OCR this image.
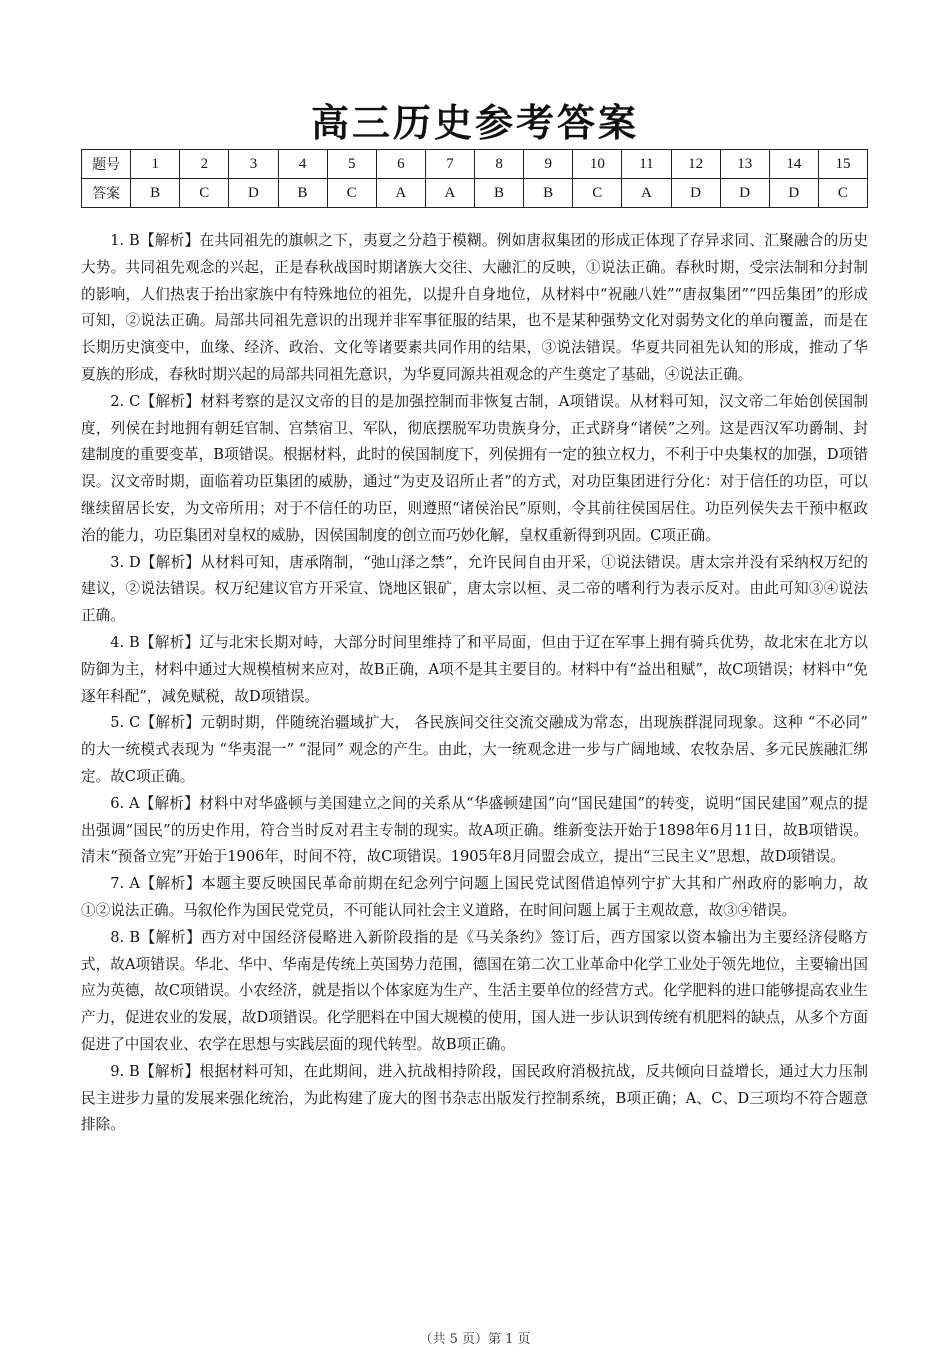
高三历史参考答案
题号	1	2	3	4	5	6	7	8	9	10	11	12	13	14	15
答案	B	C	D	B	C	A	A	B	B	C	A	D	D	D	C

1. B【解析】在共同祖先的旗帜之下，夷夏之分趋于模糊。例如唐叔集团的形成正体现了存异求同、汇聚融合的历史大势。共同祖先观念的兴起，正是春秋战国时期诸族大交往、大融汇的反映，①说法正确。春秋时期，受宗法制和分封制的影响，人们热衷于抬出家族中有特殊地位的祖先，以提升自身地位，从材料中“祝融八姓”“唐叔集团”“四岳集团”的形成可知，②说法正确。局部共同祖先意识的出现并非军事征服的结果，也不是某种强势文化对弱势文化的单向覆盖，而是在长期历史演变中，血缘、经济、政治、文化等诸要素共同作用的结果，③说法错误。华夏共同祖先认知的形成，推动了华夏族的形成，春秋时期兴起的局部共同祖先意识，为华夏同源共祖观念的产生奠定了基础，④说法正确。

2. C【解析】材料考察的是汉文帝的目的是加强控制而非恢复古制，A项错误。从材料可知，汉文帝二年始创侯国制度，列侯在封地拥有朝廷官制、宫禁宿卫、军队，彻底摆脱军功贵族身分，正式跻身“诸侯”之列。这是西汉军功爵制、封建制度的重要变革，B项错误。根据材料，此时的侯国制度下，列侯拥有一定的独立权力，不利于中央集权的加强，D项错误。汉文帝时期，面临着功臣集团的威胁，通过“为吏及诏所止者”的方式，对功臣集团进行分化：对于信任的功臣，可以继续留居长安，为文帝所用；对于不信任的功臣，则遵照“诸侯治民”原则，令其前往侯国居住。功臣列侯失去干预中枢政治的能力，功臣集团对皇权的威胁，因侯国制度的创立而巧妙化解，皇权重新得到巩固。C项正确。

3. D【解析】从材料可知，唐承隋制，“弛山泽之禁”，允许民间自由开采，①说法错误。唐太宗并没有采纳权万纪的建议，②说法错误。权万纪建议官方开采宣、饶地区银矿，唐太宗以桓、灵二帝的嗜利行为表示反对。由此可知③④说法正确。

4. B【解析】辽与北宋长期对峙，大部分时间里维持了和平局面，但由于辽在军事上拥有骑兵优势，故北宋在北方以防御为主，材料中通过大规模植树来应对，故B正确，A项不是其主要目的。材料中有“益出租赋”，故C项错误；材料中“免逐年科配”，减免赋税，故D项错误。

5. C【解析】元朝时期，伴随统治疆域扩大， 各民族间交往交流交融成为常态，出现族群混同现象。这种 “不必同” 的大一统模式表现为 “华夷混一” “混同” 观念的产生。由此，大一统观念进一步与广阔地域、农牧杂居、多元民族融汇绑定。故C项正确。

6. A【解析】材料中对华盛顿与美国建立之间的关系从“华盛顿建国”向“国民建国”的转变，说明“国民建国”观点的提出强调“国民”的历史作用，符合当时反对君主专制的现实。故A项正确。维新变法开始于1898年6月11日，故B项错误。清末“预备立宪”开始于1906年，时间不符，故C项错误。1905年8月同盟会成立，提出“三民主义”思想，故D项错误。

7. A【解析】本题主要反映国民革命前期在纪念列宁问题上国民党试图借追悼列宁扩大其和广州政府的影响力，故①②说法正确。马叙伦作为国民党党员，不可能认同社会主义道路，在时间问题上属于主观故意，故③④错误。

8. B【解析】西方对中国经济侵略进入新阶段指的是《马关条约》签订后，西方国家以资本输出为主要经济侵略方式，故A项错误。华北、华中、华南是传统上英国势力范围，德国在第二次工业革命中化学工业处于领先地位，主要输出国应为英德，故C项错误。小农经济，就是指以个体家庭为生产、生活主要单位的经营方式。化学肥料的进口能够提高农业生产力，促进农业的发展，故D项错误。化学肥料在中国大规模的使用，国人进一步认识到传统有机肥料的缺点，从多个方面促进了中国农业、农学在思想与实践层面的现代转型。故B项正确。

9. B【解析】根据材料可知，在此期间，进入抗战相持阶段，国民政府消极抗战，反共倾向日益增长，通过大力压制民主进步力量的发展来强化统治，为此构建了庞大的图书杂志出版发行控制系统，B项正确；A、C、D三项均不符合题意排除。

（共 5 页）第 1 页
